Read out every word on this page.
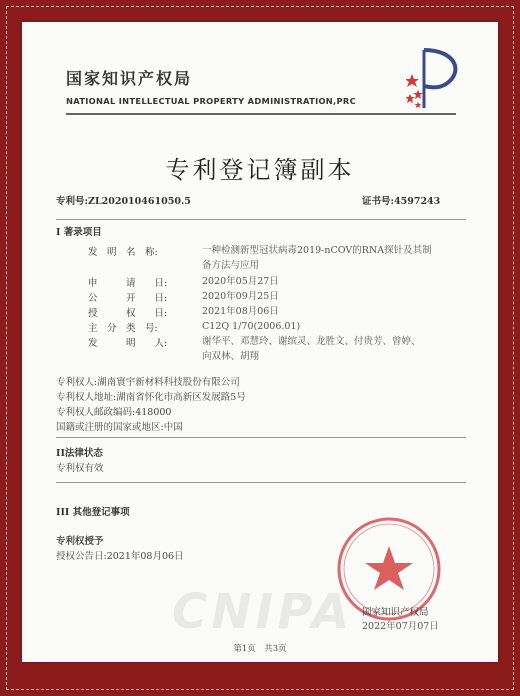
国家知识产权局
NATIONAL INTELLECTUAL PROPERTY ADMINISTRATION,PRC
专利登记簿副本
专利号:ZL202010461050.5	证书号:4597243
I 著录项目
发　明　名　称:	一种检测新型冠状病毒2019-nCOV的RNA探针及其制
备方法与应用
申　　　请　　日:	2020年05月27日
公　　　开　　日:	2020年09月25日
授　　　权　　日:	2021年08月06日
主　分　类　号:	C12Q 1/70(2006.01)
发　　　明　　人:	谢华平、邓慧玲、谢缤灵、龙胜文、付贵芳、曾婷、
向双林、胡翔
专利权人:湖南寰宇新材料科技股份有限公司
专利权人地址:湖南省怀化市高新区发展路5号
专利权人邮政编码:418000
国籍或注册的国家或地区:中国
II法律状态
专利权有效
III 其他登记事项
专利权授予
授权公告日:2021年08月06日
CNIPA 国家知识产权局
2022年07月07日
第1页　共3页
